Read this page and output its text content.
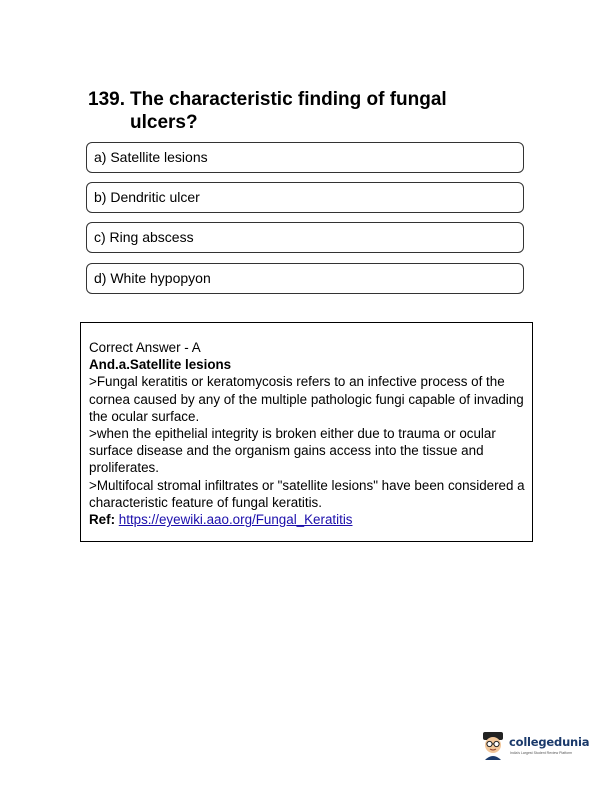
139. The characteristic finding of fungal
ulcers?
a) Satellite lesions
b) Dendritic ulcer
c) Ring abscess
d) White hypopyon

Correct Answer - A

And.a.Satellite lesions

>Fungal keratitis or keratomycosis refers to an infective process of the cornea caused by any of the multiple pathologic fungi capable of invading the ocular surface.

>when the epithelial integrity is broken either due to trauma or ocular surface disease and the organism gains access into the tissue and proliferates.

>Multifocal stromal infiltrates or "satellite lesions" have been considered a characteristic feature of fungal keratitis.

Ref: https://eyewiki.aao.org/Fungal_Keratitis

collegedunia
India's Largest Student Review Platform
